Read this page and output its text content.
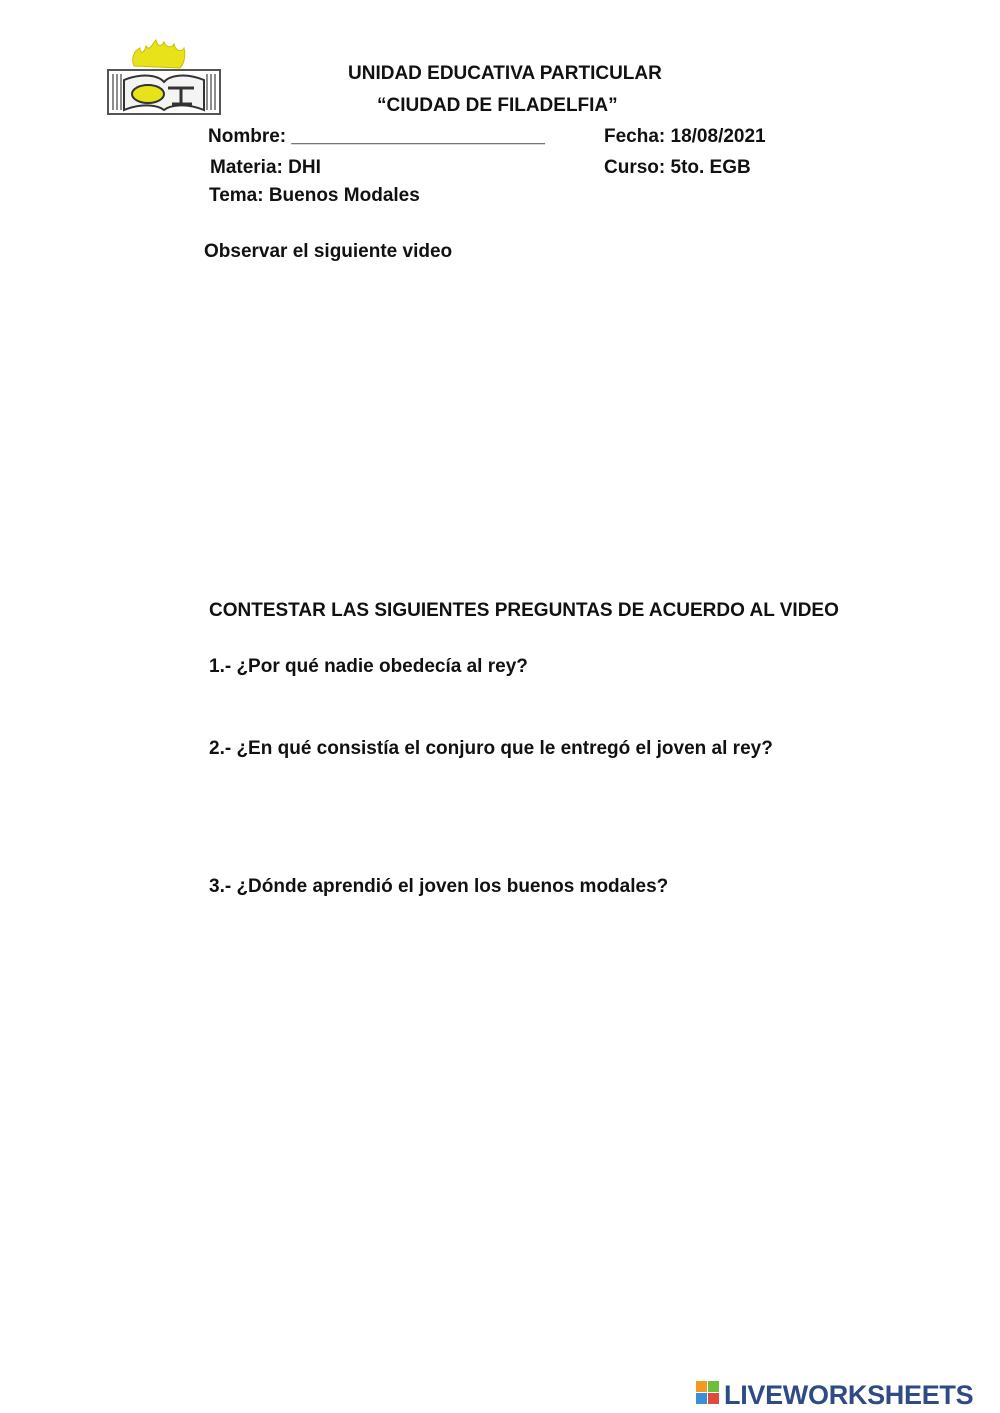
UNIDAD EDUCATIVA PARTICULAR
“CIUDAD DE FILADELFIA”
Nombre: ________________________	Fecha: 18/08/2021
Materia: DHI	Curso: 5to. EGB
Tema: Buenos Modales
Observar el siguiente video
CONTESTAR LAS SIGUIENTES PREGUNTAS DE ACUERDO AL VIDEO
1.- ¿Por qué nadie obedecía al rey?
2.- ¿En qué consistía el conjuro que le entregó el joven al rey?
3.- ¿Dónde aprendió el joven los buenos modales?
LIVEWORKSHEETS
